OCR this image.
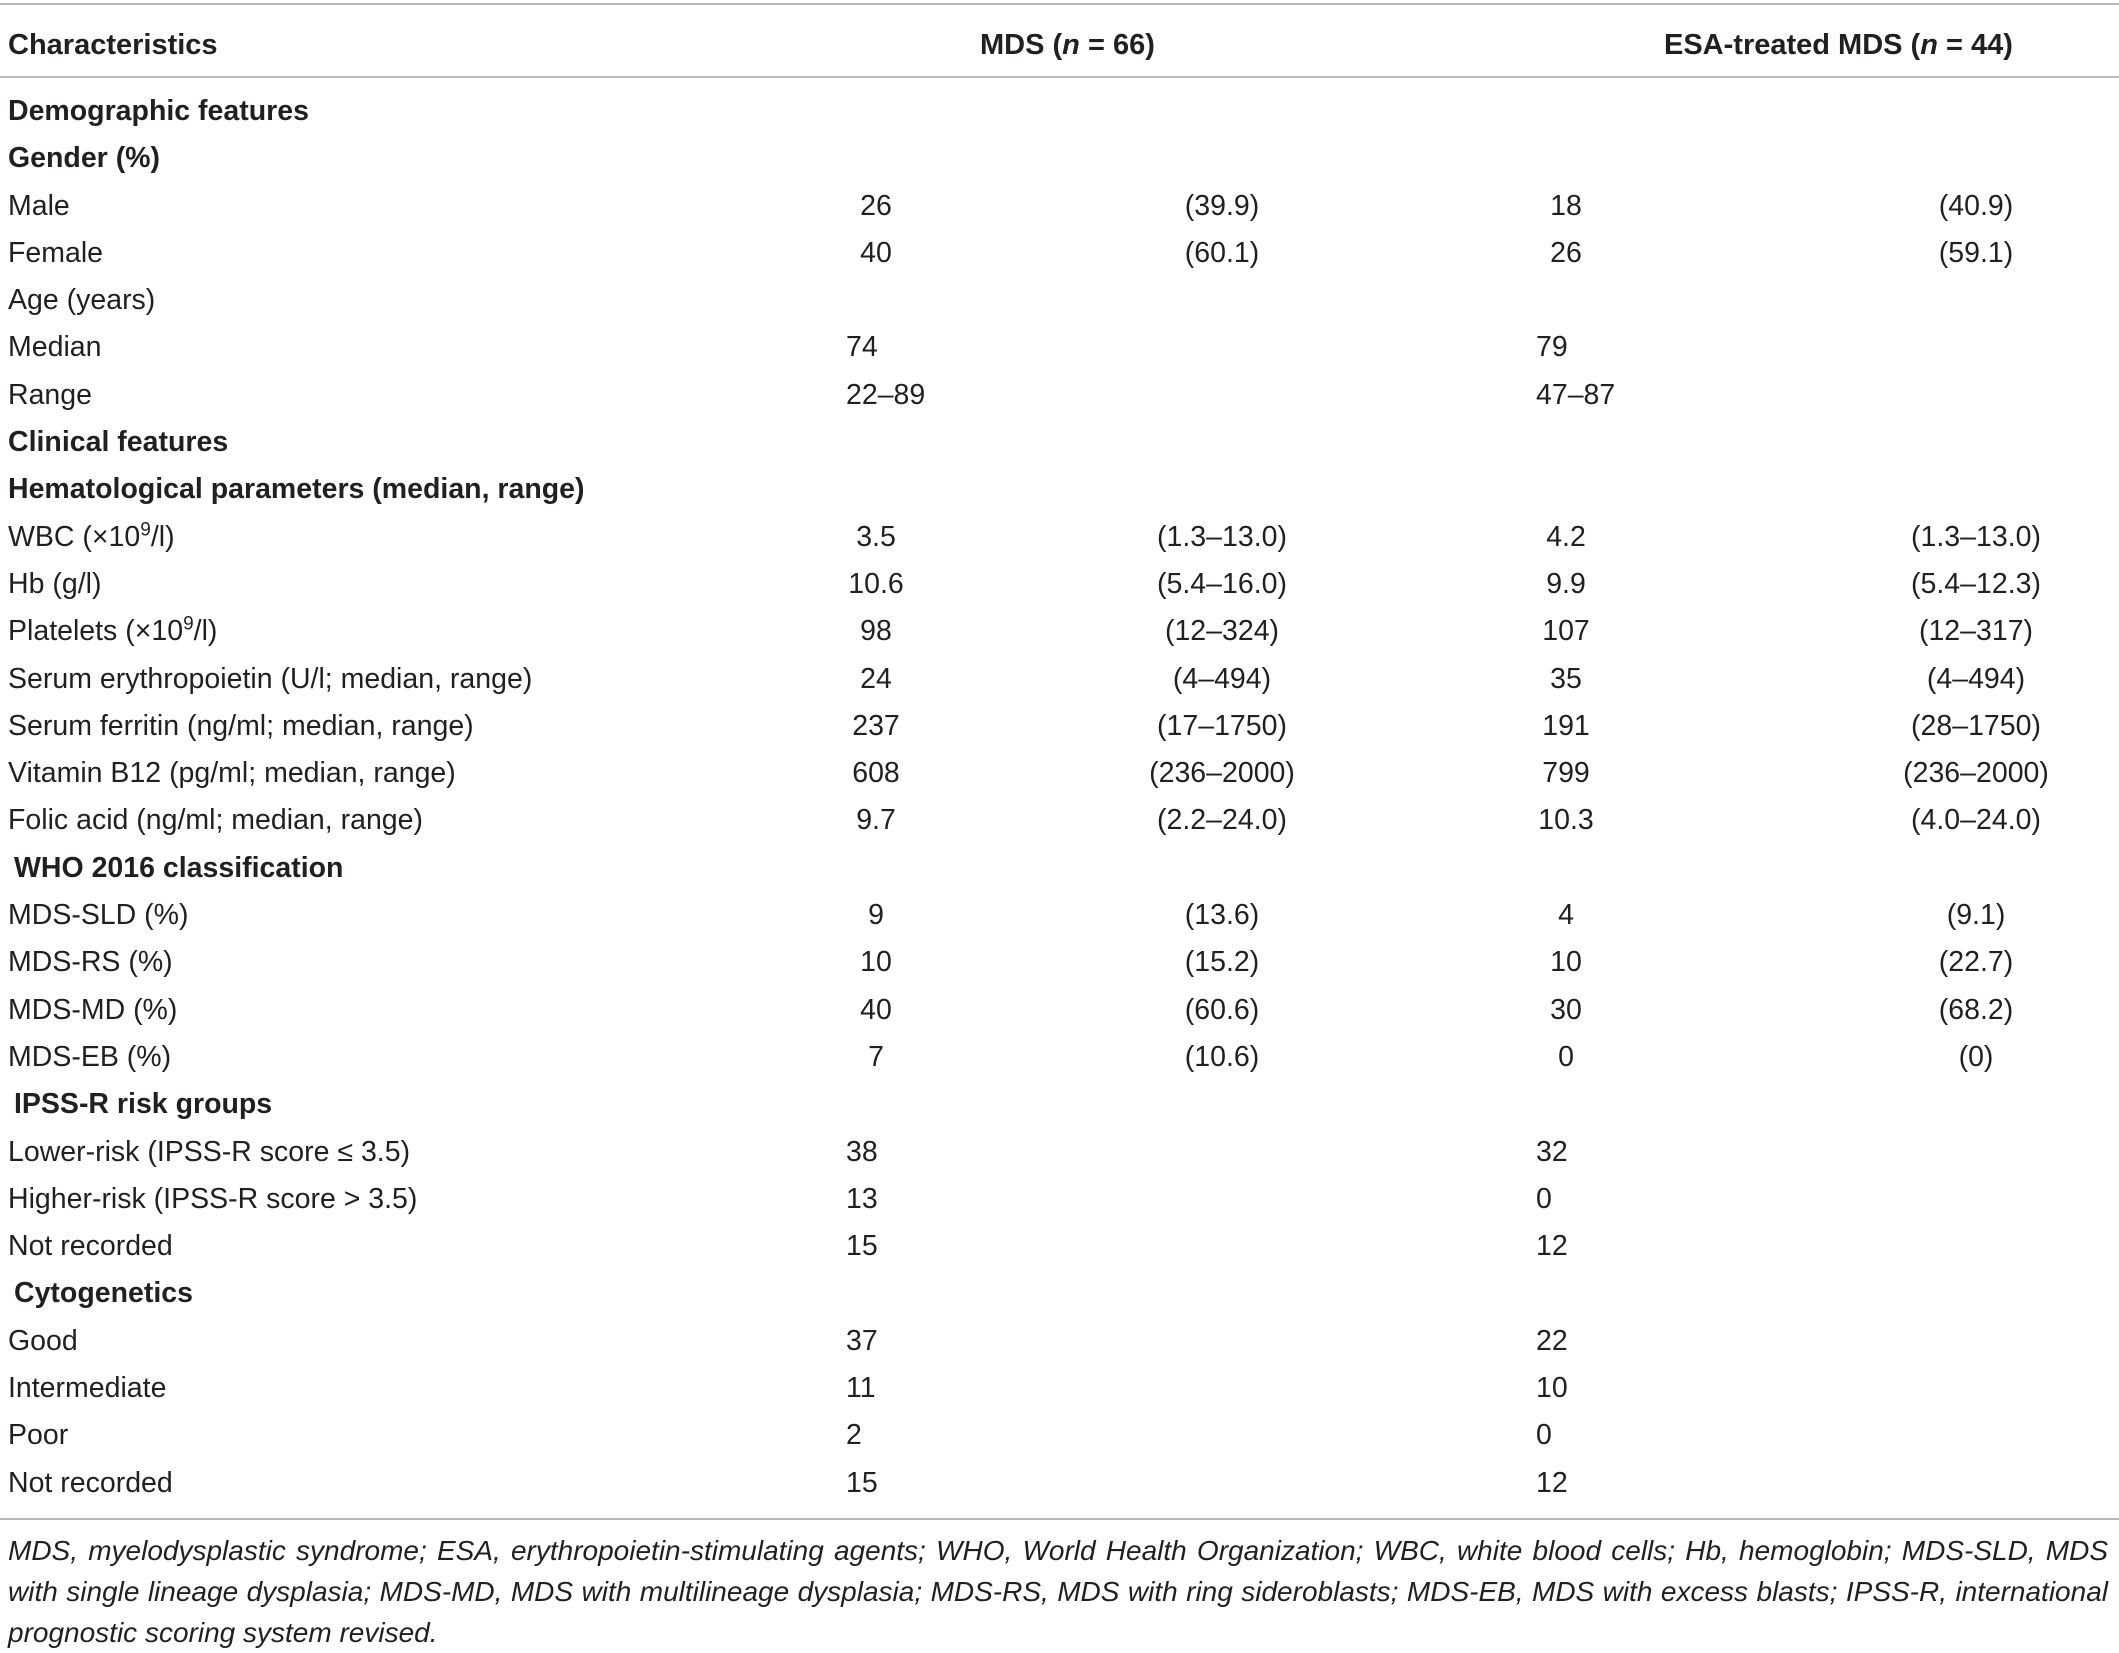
Characteristics	MDS (n = 66)	ESA-treated MDS (n = 44)
Demographic features
Gender (%)
Male	26	(39.9)	18	(40.9)
Female	40	(60.1)	26	(59.1)
Age (years)
Median	74	79
Range	22–89	47–87
Clinical features
Hematological parameters (median, range)
WBC $(\times 10^9/l)$	3.5	(1.3–13.0)	4.2	(1.3–13.0)
Hb (g/l)	10.6	(5.4–16.0)	9.9	(5.4–12.3)
Platelets $(\times 10^9/l)$	98	(12–324)	107	(12–317)
Serum erythropoietin (U/l; median, range)	24	(4–494)	35	(4–494)
Serum ferritin (ng/ml; median, range)	237	(17–1750)	191	(28–1750)
Vitamin B12 (pg/ml; median, range)	608	(236–2000)	799	(236–2000)
Folic acid (ng/ml; median, range)	9.7	(2.2–24.0)	10.3	(4.0–24.0)
WHO 2016 classification
MDS-SLD (%)	9	(13.6)	4	(9.1)
MDS-RS (%)	10	(15.2)	10	(22.7)
MDS-MD (%)	40	(60.6)	30	(68.2)
MDS-EB (%)	7	(10.6)	0	(0)
IPSS-R risk groups
Lower-risk (IPSS-R score ≤ 3.5)	38	32
Higher-risk (IPSS-R score > 3.5)	13	0
Not recorded	15	12
Cytogenetics
Good	37	22
Intermediate	11	10
Poor	2	0
Not recorded	15	12
MDS, myelodysplastic syndrome; ESA, erythropoietin-stimulating agents; WHO, World Health Organization; WBC, white blood cells; Hb, hemoglobin; MDS-SLD, MDS with single lineage dysplasia; MDS-MD, MDS with multilineage dysplasia; MDS-RS, MDS with ring sideroblasts; MDS-EB, MDS with excess blasts; IPSS-R, international prognostic scoring system revised.
